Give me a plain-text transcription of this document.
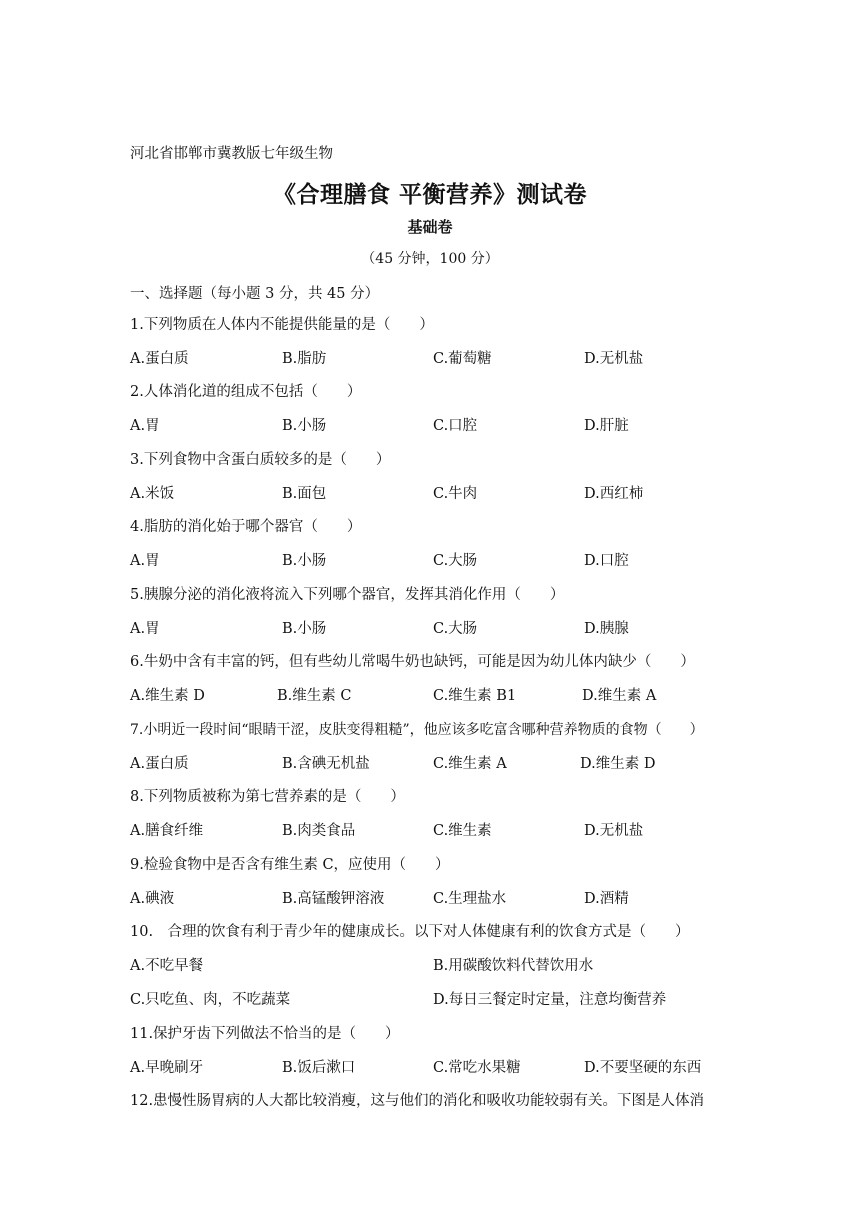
河北省邯郸市冀教版七年级生物
《合理膳食 平衡营养》测试卷
基础卷
（45 分钟，100 分）
一、选择题（每小题 3 分，共 45 分）
1.下列物质在人体内不能提供能量的是（　　）
A.蛋白质	B.脂肪	C.葡萄糖	D.无机盐
2.人体消化道的组成不包括（　　）
A.胃	B.小肠	C.口腔	D.肝脏
3.下列食物中含蛋白质较多的是（　　）
A.米饭	B.面包	C.牛肉	D.西红柿
4.脂肪的消化始于哪个器官（　　）
A.胃	B.小肠	C.大肠	D.口腔
5.胰腺分泌的消化液将流入下列哪个器官，发挥其消化作用（　　）
A.胃	B.小肠	C.大肠	D.胰腺
6.牛奶中含有丰富的钙，但有些幼儿常喝牛奶也缺钙，可能是因为幼儿体内缺少（　　）
A.维生素 D	B.维生素 C	C.维生素 B1	D.维生素 A
7.小明近一段时间“眼睛干涩，皮肤变得粗糙”，他应该多吃富含哪种营养物质的食物（　　）
A.蛋白质	B.含碘无机盐	C.维生素 A	D.维生素 D
8.下列物质被称为第七营养素的是（　　）
A.膳食纤维	B.肉类食品	C.维生素	D.无机盐
9.检验食物中是否含有维生素 C，应使用（　　）
A.碘液	B.高锰酸钾溶液	C.生理盐水	D.酒精
10.　合理的饮食有利于青少年的健康成长。以下对人体健康有利的饮食方式是（　　）
A.不吃早餐	B.用碳酸饮料代替饮用水
C.只吃鱼、肉，不吃蔬菜	D.每日三餐定时定量，注意均衡营养
11.保护牙齿下列做法不恰当的是（　　）
A.早晚刷牙	B.饭后漱口	C.常吃水果糖	D.不要坚硬的东西
12.患慢性肠胃病的人大都比较消瘦，这与他们的消化和吸收功能较弱有关。下图是人体消
